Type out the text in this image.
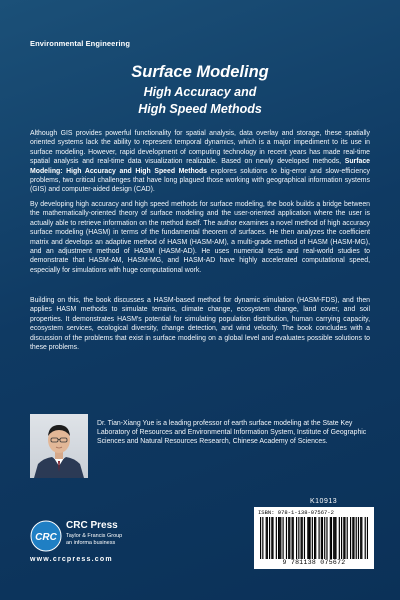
Environmental Engineering
Surface Modeling
High Accuracy and
High Speed Methods
Although GIS provides powerful functionality for spatial analysis, data overlay and storage, these spatially oriented systems lack the ability to represent temporal dynamics, which is a major impediment to its use in surface modeling. However, rapid development of computing technology in recent years has made real-time spatial analysis and real-time data visualization realizable. Based on newly developed methods, Surface Modeling: High Accuracy and High Speed Methods explores solutions to big-error and slow-efficiency problems, two critical challenges that have long plagued those working with geographical information systems (GIS) and computer-aided design (CAD).
By developing high accuracy and high speed methods for surface modeling, the book builds a bridge between the mathematically-oriented theory of surface modeling and the user-oriented application where the user is actually able to retrieve information on the method itself. The author examines a novel method of high accuracy surface modeling (HASM) in terms of the fundamental theorem of surfaces. He then analyzes the coefficient matrix and develops an adaptive method of HASM (HASM-AM), a multi-grade method of HASM (HASM-MG), and an adjustment method of HASM (HASM-AD). He uses numerical tests and real-world studies to demonstrate that HASM-AM, HASM-MG, and HASM-AD have highly accelerated computational speed, especially for simulations with huge computational work.
Building on this, the book discusses a HASM-based method for dynamic simulation (HASM-FDS), and then applies HASM methods to simulate terrains, climate change, ecosystem change, land cover, and soil properties. It demonstrates HASM's potential for simulating population distribution, human carrying capacity, ecosystem services, ecological diversity, change detection, and wind velocity. The book concludes with a discussion of the problems that exist in surface modeling on a global level and evaluates possible solutions to these problems.
Dr. Tian-Xiang Yue is a leading professor of earth surface modeling at the State Key Laboratory of Resources and Environmental Information System, Institute of Geographic Sciences and Natural Resources Research, Chinese Academy of Sciences.
K10913
ISBN: 978-1-138-07567-2
9 781138 075672
CRC
CRC Press
Taylor & Francis Group
an informa business
www.crcpress.com
